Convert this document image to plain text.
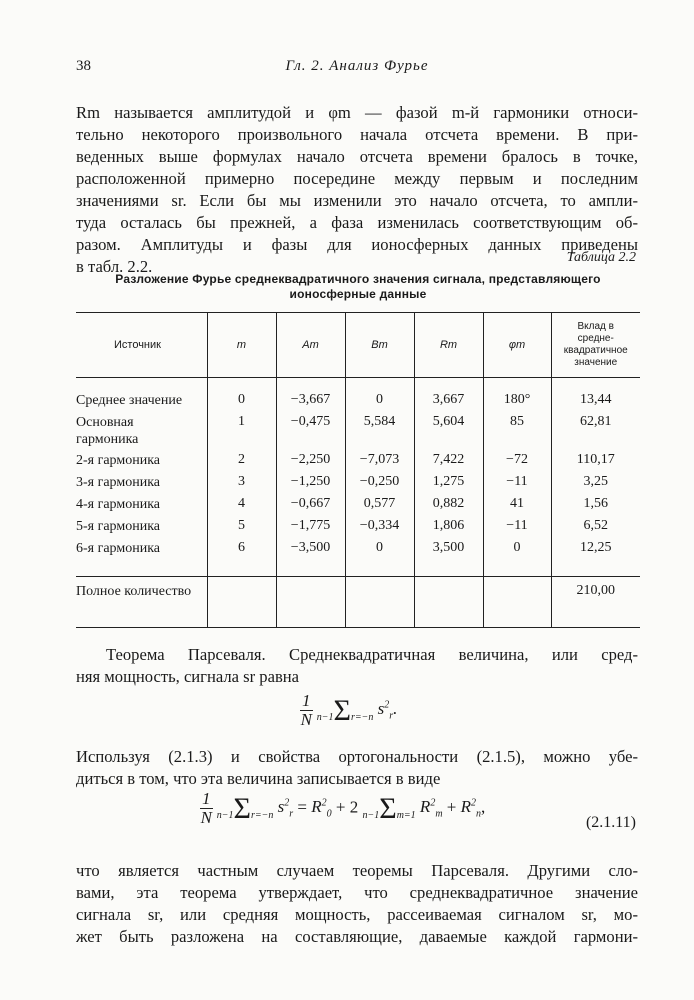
38	Гл. 2. Анализ Фурье
Rm называется амплитудой и φm — фазой m-й гармоники относи-
тельно некоторого произвольного начала отсчета времени. В при-
веденных выше формулах начало отсчета времени бралось в точке,
расположенной примерно посередине между первым и последним
значениями sr. Если бы мы изменили это начало отсчета, то ампли-
туда осталась бы прежней, а фаза изменилась соответствующим об-
разом. Амплитуды и фазы для ионосферных данных приведены
в табл. 2.2.	Таблица 2.2
Разложение Фурье среднеквадратичного значения сигнала, представляющего
ионосферные данные
Источник	m	Am	Bm	Rm	φm	Вклад в средне-квадратичное значение

Среднее значение	0	−3,667	0	3,667	180°	13,44
Основная гармоника	1	−0,475	5,584	5,604	85	62,81
2-я гармоника	2	−2,250	−7,073	7,422	−72	110,17
3-я гармоника	3	−1,250	−0,250	1,275	−11	3,25
4-я гармоника	4	−0,667	0,577	0,882	41	1,56
5-я гармоника	5	−1,775	−0,334	1,806	−11	6,52
6-я гармоника	6	−3,500	0	3,500	0	12,25

Полное количество						210,00
Теорема Парсеваля. Среднеквадратичная величина, или сред-
няя мощность, сигнала sr равна
$\frac{1}{N} n-1\Sigma r=-n$ $s^2_r$.
Используя (2.1.3) и свойства ортогональности (2.1.5), можно убе-
диться в том, что эта величина записывается в виде
$\frac{1}{N} n-1\Sigma r=-n$ $s^2_r = R^2_0 + 2$ n−1Σm=1 $R^2_m + R^2_n$,
(2.1.11)
что является частным случаем теоремы Парсеваля. Другими сло-
вами, эта теорема утверждает, что среднеквадратичное значение
сигнала sr, или средняя мощность, рассеиваемая сигналом sr, мо-
жет быть разложена на составляющие, даваемые каждой гармони-
